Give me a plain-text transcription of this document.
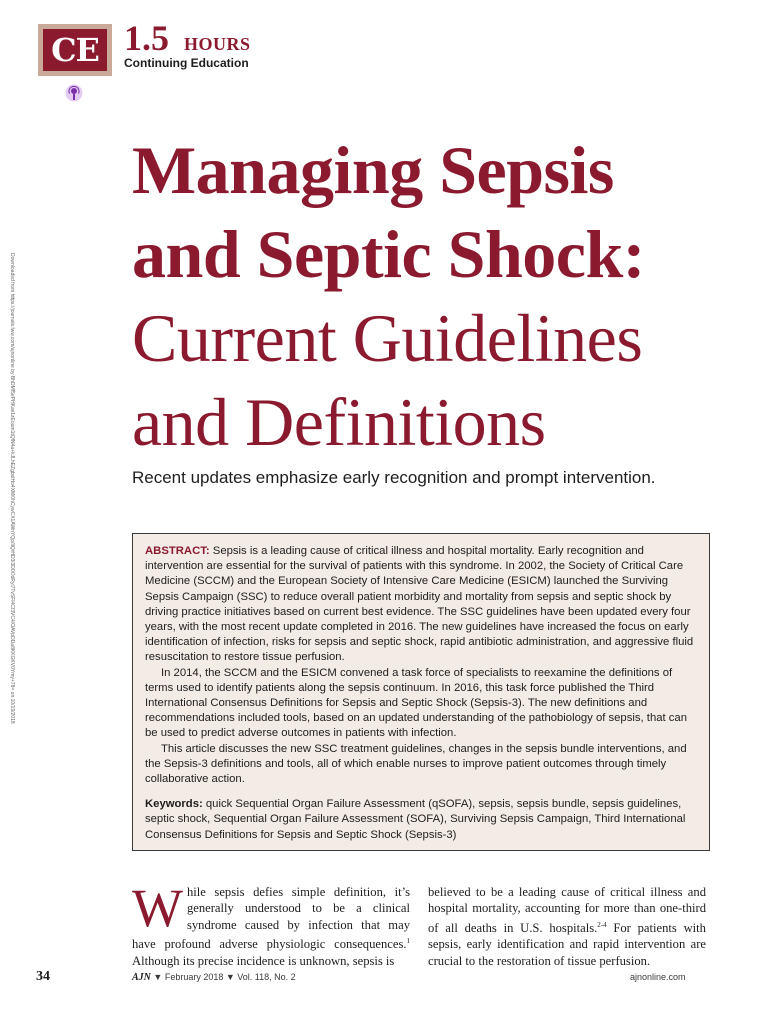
CE 1.5 HOURS
Continuing Education
Downloaded from https://journals.lww.com/ajnonline by BhDMf5ePHKav1zEoum1tQfN4a+kJLhEZgbsIHo4XMi0hCywCX1AWnYQp/IlQrHD3i3D0OdRyi7TvSFl4Cf3VC4/OAVpDDa8KKGKV0Ymy+78= on 10/19/2018
Managing Sepsis
and Septic Shock:
Current Guidelines
and Definitions
Recent updates emphasize early recognition and prompt intervention.

ABSTRACT: Sepsis is a leading cause of critical illness and hospital mortality. Early recognition and intervention are essential for the survival of patients with this syndrome. In 2002, the Society of Critical Care Medicine (SCCM) and the European Society of Intensive Care Medicine (ESICM) launched the Surviving Sepsis Campaign (SSC) to reduce overall patient morbidity and mortality from sepsis and septic shock by driving practice initiatives based on current best evidence. The SSC guidelines have been updated every four years, with the most recent update completed in 2016. The new guidelines have increased the focus on early identification of infection, risks for sepsis and septic shock, rapid antibiotic administration, and aggressive fluid resuscitation to restore tissue perfusion.

In 2014, the SCCM and the ESICM convened a task force of specialists to reexamine the definitions of terms used to identify patients along the sepsis continuum. In 2016, this task force published the Third International Consensus Definitions for Sepsis and Septic Shock (Sepsis-3). The new definitions and recommendations included tools, based on an updated understanding of the pathobiology of sepsis, that can be used to predict adverse outcomes in patients with infection.

This article discusses the new SSC treatment guidelines, changes in the sepsis bundle interventions, and the Sepsis-3 definitions and tools, all of which enable nurses to improve patient outcomes through timely collaborative action.

Keywords: quick Sequential Organ Failure Assessment (qSOFA), sepsis, sepsis bundle, sepsis guidelines, septic shock, Sequential Organ Failure Assessment (SOFA), Surviving Sepsis Campaign, Third International Consensus Definitions for Sepsis and Septic Shock (Sepsis-3)

While sepsis defies simple definition, it’s generally understood to be a clinical syndrome caused by infection that may have profound adverse physiologic consequences.$^1$ Although its precise incidence is unknown, sepsis is
believed to be a leading cause of critical illness and hospital mortality, accounting for more than one-third of all deaths in U.S. hospitals.$^{2-4}$ For patients with sepsis, early identification and rapid intervention are crucial to the restoration of tissue perfusion.
34	AJN ▼ February 2018 ▼ Vol. 118, No. 2	ajnonline.com
